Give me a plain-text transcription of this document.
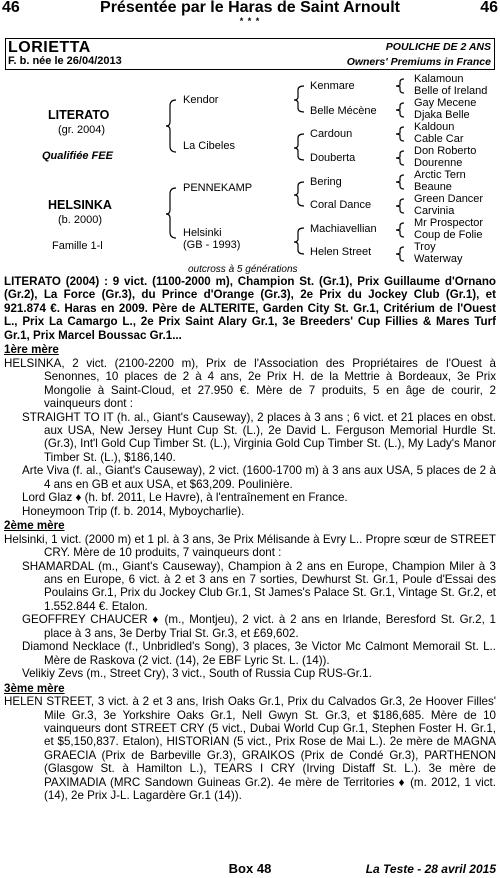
46	Présentée par le Haras de Saint Arnoult	46
* * *
LORIETTA
F. b. née le 26/04/2013
POULICHE DE 2 ANS
Owners' Premiums in France
LITERATO
(gr. 2004)
Qualifiée FEE
HELSINKA
(b. 2000)
Famille 1-l
Kendor
La Cibeles
PENNEKAMP
Helsinki
(GB - 1993)
Kenmare
Belle Mécène
Cardoun
Douberta
Bering
Coral Dance
Machiavellian
Helen Street
Kalamoun
Belle of Ireland
Gay Mecene
Djaka Belle
Kaldoun
Cable Car
Don Roberto
Dourenne
Arctic Tern
Beaune
Green Dancer
Carvinia
Mr Prospector
Coup de Folie
Troy
Waterway
outcross à 5 générations

LITERATO (2004) : 9 vict. (1100-2000 m), Champion St. (Gr.1), Prix Guillaume d'Ornano (Gr.2), La Force (Gr.3), du Prince d'Orange (Gr.3), 2e Prix du Jockey Club (Gr.1), et 921.874 €. Haras en 2009. Père de ALTERITE, Garden City St. Gr.1, Critérium de l'Ouest L., Prix La Camargo L., 2e Prix Saint Alary Gr.1, 3e Breeders' Cup Fillies & Mares Turf Gr.1, Prix Marcel Boussac Gr.1...

1ère mère

HELSINKA, 2 vict. (2100-2200 m), Prix de l'Association des Propriétaires de l'Ouest à Senonnes, 10 places de 2 à 4 ans, 2e Prix H. de la Mettrie à Bordeaux, 3e Prix Mongolie à Saint-Cloud, et 27.950 €. Mère de 7 produits, 5 en âge de courir, 2 vainqueurs dont :

STRAIGHT TO IT (h. al., Giant's Causeway), 2 places à 3 ans ; 6 vict. et 21 places en obst. aux USA, New Jersey Hunt Cup St. (L.), 2e David L. Ferguson Memorial Hurdle St. (Gr.3), Int'l Gold Cup Timber St. (L.), Virginia Gold Cup Timber St. (L.), My Lady's Manor Timber St. (L.), $186,140.

Arte Viva (f. al., Giant's Causeway), 2 vict. (1600-1700 m) à 3 ans aux USA, 5 places de 2 à 4 ans en GB et aux USA, et $63,209. Poulinière.

Lord Glaz ♦ (h. bf. 2011, Le Havre), à l'entraînement en France.

Honeymoon Trip (f. b. 2014, Myboycharlie).

2ème mère

Helsinki, 1 vict. (2000 m) et 1 pl. à 3 ans, 3e Prix Mélisande à Evry L.. Propre sœur de STREET CRY. Mère de 10 produits, 7 vainqueurs dont :

SHAMARDAL (m., Giant's Causeway), Champion à 2 ans en Europe, Champion Miler à 3 ans en Europe, 6 vict. à 2 et 3 ans en 7 sorties, Dewhurst St. Gr.1, Poule d'Essai des Poulains Gr.1, Prix du Jockey Club Gr.1, St James's Palace St. Gr.1, Vintage St. Gr.2, et 1.552.844 €. Etalon.

GEOFFREY CHAUCER ♦ (m., Montjeu), 2 vict. à 2 ans en Irlande, Beresford St. Gr.2, 1 place à 3 ans, 3e Derby Trial St. Gr.3, et £69,602.

Diamond Necklace (f., Unbridled's Song), 3 places, 3e Victor Mc Calmont Memorail St. L.. Mère de Raskova (2 vict. (14), 2e EBF Lyric St. L. (14)).

Velikiy Zevs (m., Street Cry), 3 vict., South of Russia Cup RUS-Gr.1.

3ème mère

HELEN STREET, 3 vict. à 2 et 3 ans, Irish Oaks Gr.1, Prix du Calvados Gr.3, 2e Hoover Filles' Mile Gr.3, 3e Yorkshire Oaks Gr.1, Nell Gwyn St. Gr.3, et $186,685. Mère de 10 vainqueurs dont STREET CRY (5 vict., Dubai World Cup Gr.1, Stephen Foster H. Gr.1, et $5,150,837. Etalon), HISTORIAN (5 vict., Prix Rose de Mai L.). 2e mère de MAGNA GRAECIA (Prix de Barbeville Gr.3), GRAIKOS (Prix de Condé Gr.3), PARTHENON (Glasgow St. à Hamilton L.), TEARS I CRY (Irving Distaff St. L.). 3e mère de PAXIMADIA (MRC Sandown Guineas Gr.2). 4e mère de Territories ♦ (m. 2012, 1 vict. (14), 2e Prix J-L. Lagardère Gr.1 (14)).

Box 48	La Teste - 28 avril 2015
